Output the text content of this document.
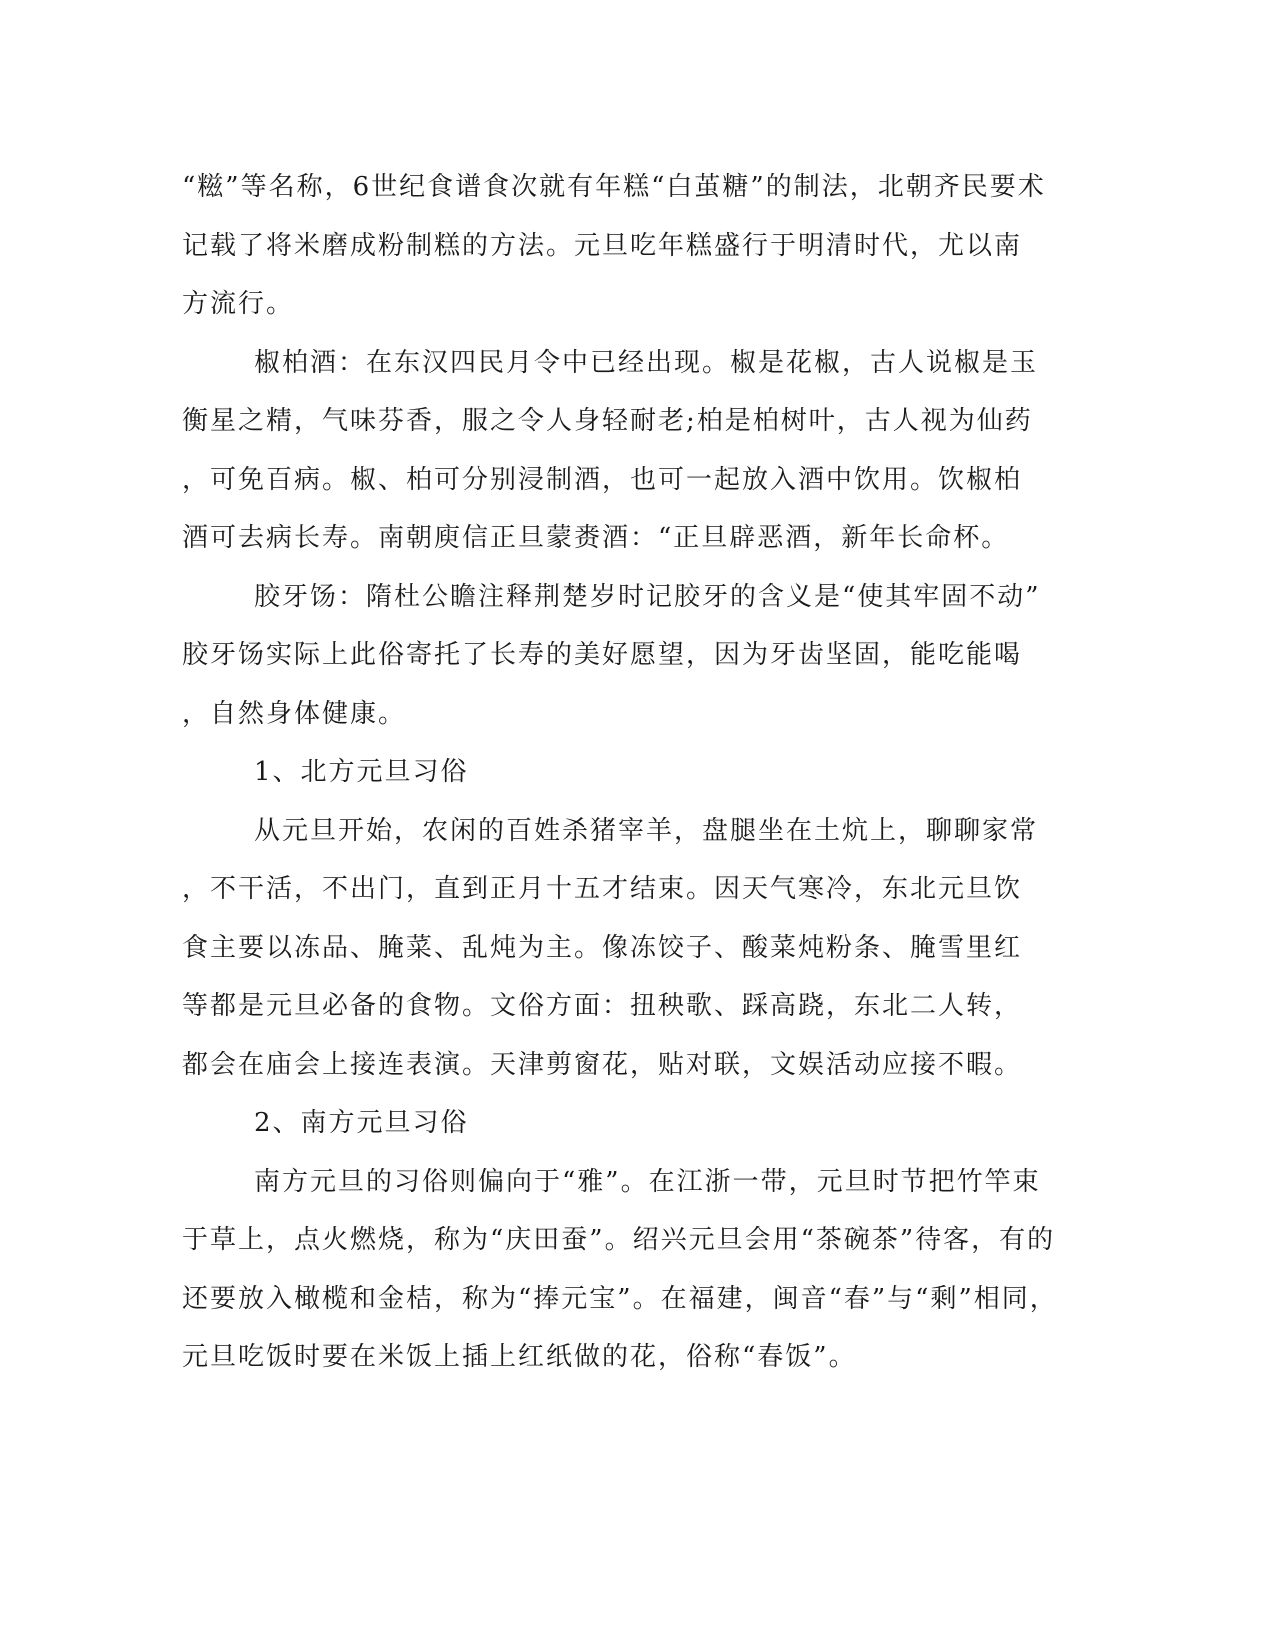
“糍”等名称，6世纪食谱食次就有年糕“白茧糖”的制法，北朝齐民要术
记载了将米磨成粉制糕的方法。元旦吃年糕盛行于明清时代，尤以南
方流行。

椒柏酒：在东汉四民月令中已经出现。椒是花椒，古人说椒是玉
衡星之精，气味芬香，服之令人身轻耐老;柏是柏树叶，古人视为仙药
，可免百病。椒、柏可分别浸制酒，也可一起放入酒中饮用。饮椒柏
酒可去病长寿。南朝庾信正旦蒙赉酒：“正旦辟恶酒，新年长命杯。

胶牙饧：隋杜公瞻注释荆楚岁时记胶牙的含义是“使其牢固不动”
胶牙饧实际上此俗寄托了长寿的美好愿望，因为牙齿坚固，能吃能喝
，自然身体健康。

1、北方元旦习俗

从元旦开始，农闲的百姓杀猪宰羊，盘腿坐在土炕上，聊聊家常
，不干活，不出门，直到正月十五才结束。因天气寒冷，东北元旦饮
食主要以冻品、腌菜、乱炖为主。像冻饺子、酸菜炖粉条、腌雪里红
等都是元旦必备的食物。文俗方面：扭秧歌、踩高跷，东北二人转，
都会在庙会上接连表演。天津剪窗花，贴对联，文娱活动应接不暇。

2、南方元旦习俗

南方元旦的习俗则偏向于“雅”。在江浙一带，元旦时节把竹竿束
于草上，点火燃烧，称为“庆田蚕”。绍兴元旦会用“茶碗茶”待客，有的
还要放入橄榄和金桔，称为“捧元宝”。在福建，闽音“春”与“剩”相同，
元旦吃饭时要在米饭上插上红纸做的花，俗称“春饭”。
